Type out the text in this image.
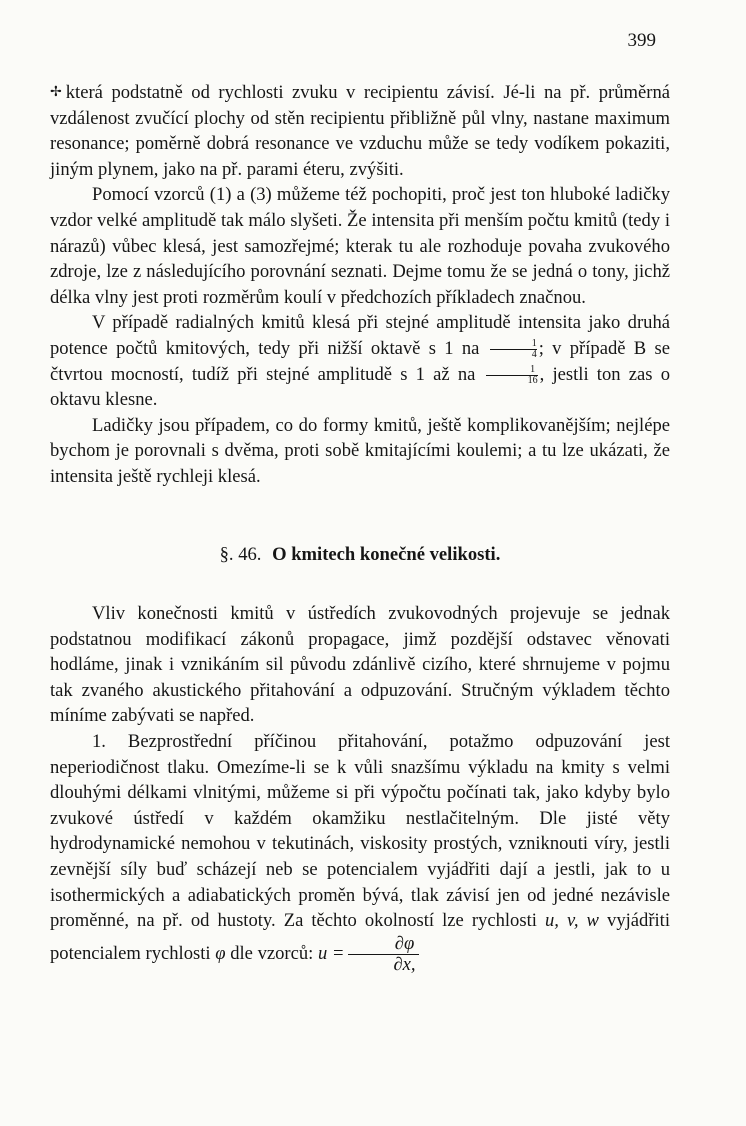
399

✢ která podstatně od rychlosti zvuku v recipientu závisí. Jé-li na př. průměrná vzdálenost zvučící plochy od stěn recipientu přibližně půl vlny, nastane maximum resonance; poměrně dobrá resonance ve vzduchu může se tedy vodíkem pokaziti, jiným plynem, jako na př. parami éteru, zvýšiti.

Pomocí vzorců (1) a (3) můžeme též pochopiti, proč jest ton hluboké ladičky vzdor velké amplitudě tak málo slyšeti. Že intensita při menším počtu kmitů (tedy i nárazů) vůbec klesá, jest samozřejmé; kterak tu ale rozhoduje povaha zvukového zdroje, lze z následujícího porovnání seznati. Dejme tomu že se jedná o tony, jichž délka vlny jest proti rozměrům koulí v předchozích příkladech značnou.

V případě radialných kmitů klesá při stejné amplitudě intensita jako druhá potence počtů kmitových, tedy při nižší oktavě s 1 na $\frac{1}{4}$ ; v případě B se čtvrtou mocností, tudíž při stejné amplitudě s 1 až na $\frac{1}{16}$ , jestli ton zas o oktavu klesne.

Ladičky jsou případem, co do formy kmitů, ještě komplikovanějším; nejlépe bychom je porovnali s dvěma, proti sobě kmitajícími koulemi; a tu lze ukázati, že intensita ještě rychleji klesá.

§. 46. O kmitech konečné velikosti.

Vliv konečnosti kmitů v ústředích zvukovodných projevuje se jednak podstatnou modifikací zákonů propagace, jimž pozdější odstavec věnovati hodláme, jinak i vznikáním sil původu zdánlivě cizího, které shrnujeme v pojmu tak zvaného akustického přitahování a odpuzování. Stručným výkladem těchto míníme zabývati se napřed.

1. Bezprostřední příčinou přitahování, potažmo odpuzování jest neperiodičnost tlaku. Omezíme-li se k vůli snazšímu výkladu na kmity s velmi dlouhými délkami vlnitými, můžeme si při výpočtu počínati tak, jako kdyby bylo zvukové ústředí v každém okamžiku nestlačitelným. Dle jisté věty hydrodynamické nemohou v tekutinách, viskosity prostých, vzniknouti víry, jestli zevnější síly buď scházejí neb se potencialem vyjádřiti dají a jestli, jak to u isothermických a adiabatických proměn bývá, tlak závisí jen od jedné nezávisle proměnné, na př. od hustoty. Za těchto okolností lze rychlosti u, v, w vyjádřiti potencialem rychlosti φ dle vzorců: $u = \frac{\partial\varphi}{\partial x,}$
